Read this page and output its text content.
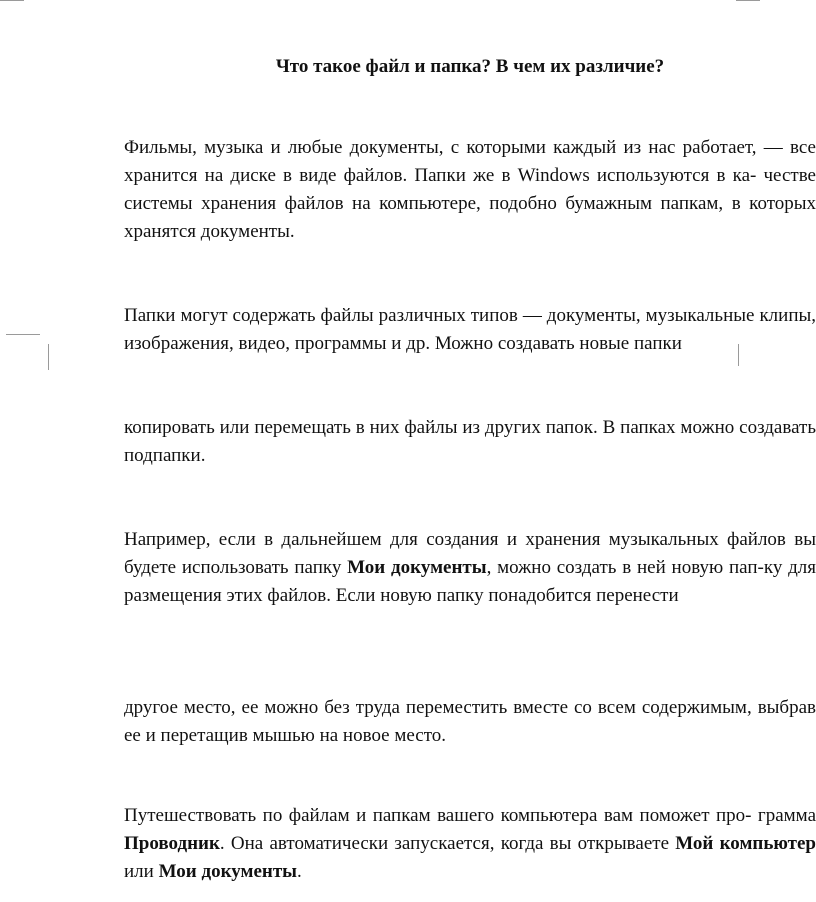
Что такое файл и папка? В чем их различие?

Фильмы, музыка и любые документы, с которыми каждый из нас работает, — все хранится на диске в виде файлов. Папки же в Windows используются в ка- честве системы хранения файлов на компьютере, подобно бумажным папкам, в которых хранятся документы.

Папки могут содержать файлы различных типов — документы, музыкальные клипы, изображения, видео, программы и др. Можно создавать новые папки

копировать или перемещать в них файлы из других папок. В папках можно создавать подпапки.

Например, если в дальнейшем для создания и хранения музыкальных файлов вы будете использовать папку Мои документы, можно создать в ней новую пап-ку для размещения этих файлов. Если новую папку понадобится перенести

другое место, ее можно без труда переместить вместе со всем содержимым, выбрав ее и перетащив мышью на новое место.

Путешествовать по файлам и папкам вашего компьютера вам поможет про- грамма Проводник. Она автоматически запускается, когда вы открываете Мой компьютер или Мои документы.
